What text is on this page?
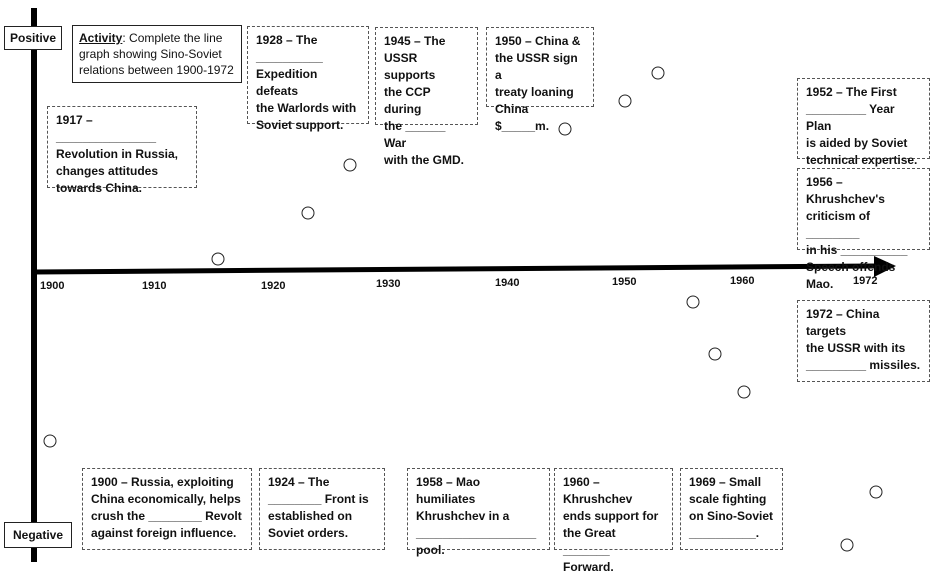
Positive
Negative
Activity: Complete the line graph showing Sino-Soviet relations between 1900-1972
1900	1910	1920	1930	1940	1950	1960	1972
1917 – _______________
Revolution in Russia,
changes attitudes
towards China.
1928 – The
__________
Expedition defeats
the Warlords with
Soviet support.
1945 – The
USSR supports
the CCP during
the ______ War
with the GMD.
1950 – China &
the USSR sign a
treaty loaning
China $_____m.
1952 – The First
_________ Year Plan
is aided by Soviet
technical expertise.
1956 – Khrushchev's
criticism of ________
in his __________
Speech offends Mao.
1972 – China targets
the USSR with its
_________ missiles.
1900 – Russia, exploiting
China economically, helps
crush the ________ Revolt
against foreign influence.
1924 – The
________ Front is
established on
Soviet orders.
1958 – Mao humiliates
Khrushchev in a
__________________
pool.
1960 – Khrushchev
ends support for
the Great _______
Forward.
1969 – Small
scale fighting
on Sino-Soviet
__________.
